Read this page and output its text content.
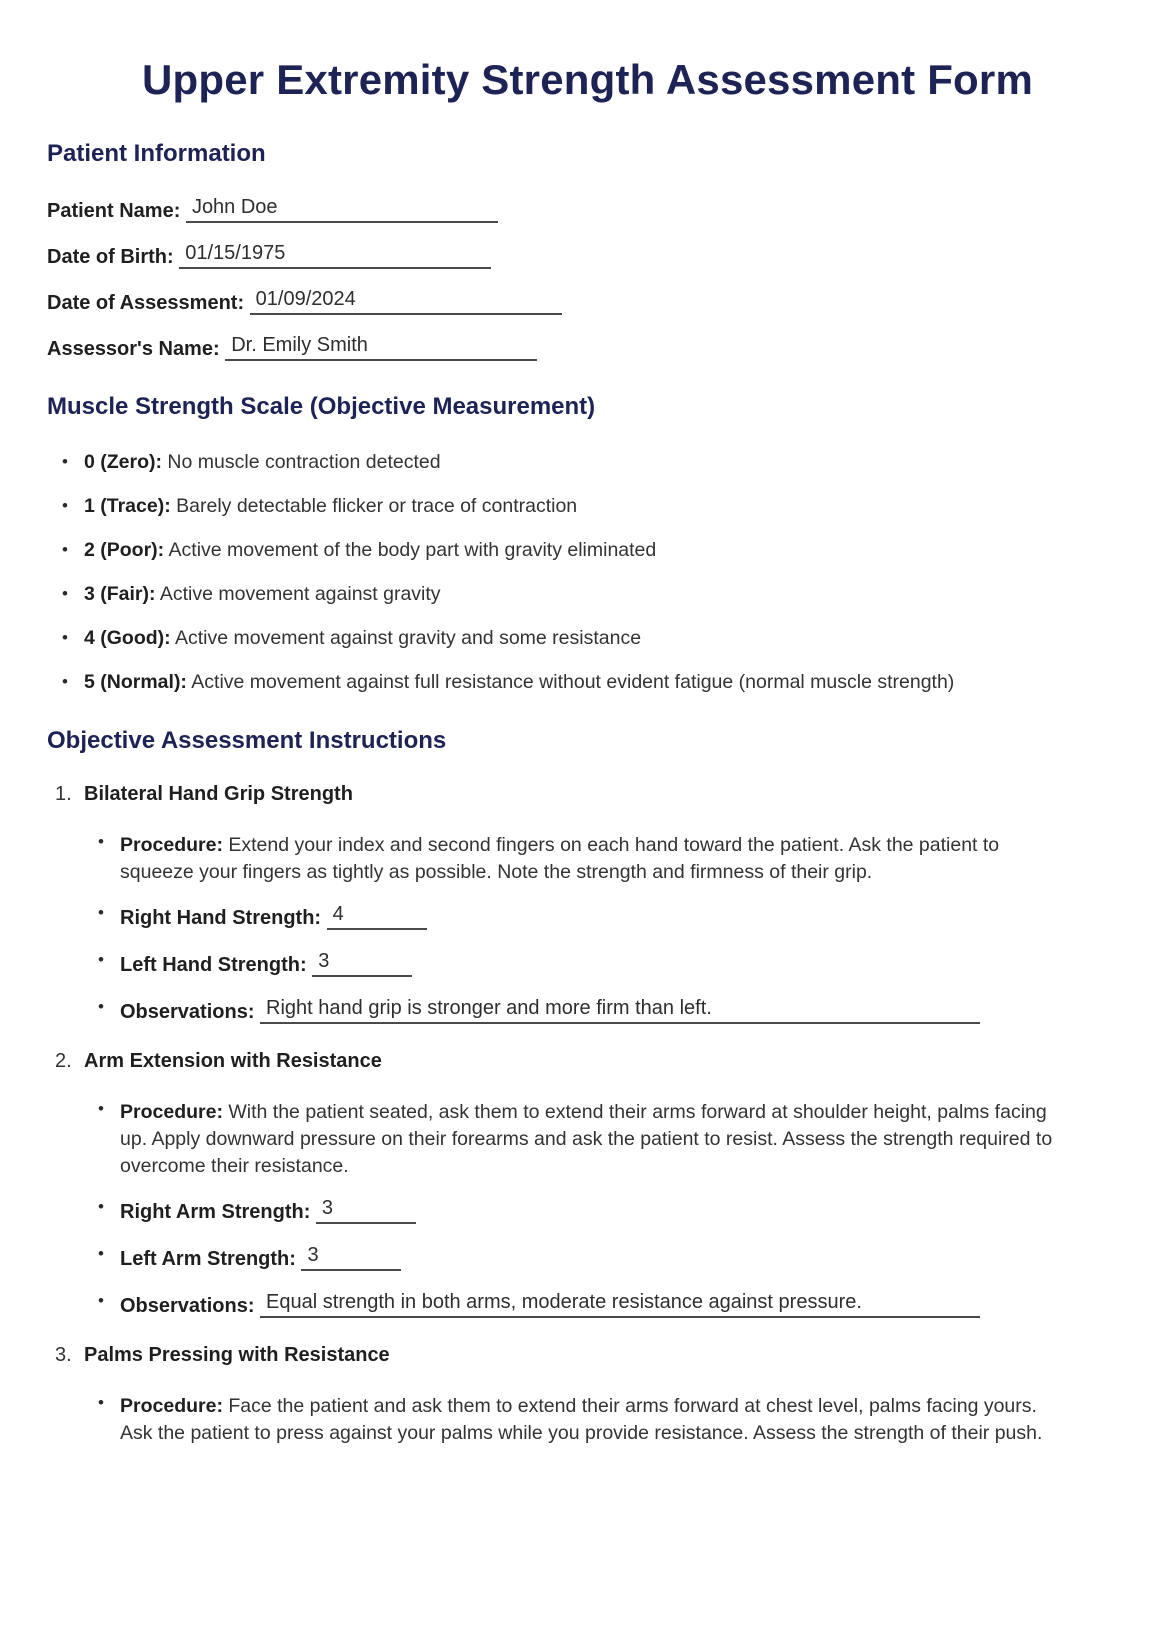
Upper Extremity Strength Assessment Form
Patient Information
Patient Name: John Doe
Date of Birth: 01/15/1975
Date of Assessment: 01/09/2024
Assessor's Name: Dr. Emily Smith
Muscle Strength Scale (Objective Measurement)
• 0 (Zero): No muscle contraction detected
• 1 (Trace): Barely detectable flicker or trace of contraction
• 2 (Poor): Active movement of the body part with gravity eliminated
• 3 (Fair): Active movement against gravity
• 4 (Good): Active movement against gravity and some resistance
• 5 (Normal): Active movement against full resistance without evident fatigue (normal muscle strength)
Objective Assessment Instructions
1. Bilateral Hand Grip Strength
• Procedure: Extend your index and second fingers on each hand toward the patient. Ask the patient to squeeze your fingers as tightly as possible. Note the strength and firmness of their grip.
• Right Hand Strength: 4
• Left Hand Strength: 3
• Observations: Right hand grip is stronger and more firm than left.
2. Arm Extension with Resistance
• Procedure: With the patient seated, ask them to extend their arms forward at shoulder height, palms facing up. Apply downward pressure on their forearms and ask the patient to resist. Assess the strength required to overcome their resistance.
• Right Arm Strength: 3
• Left Arm Strength: 3
• Observations: Equal strength in both arms, moderate resistance against pressure.
3. Palms Pressing with Resistance
• Procedure: Face the patient and ask them to extend their arms forward at chest level, palms facing yours. Ask the patient to press against your palms while you provide resistance. Assess the strength of their push.
